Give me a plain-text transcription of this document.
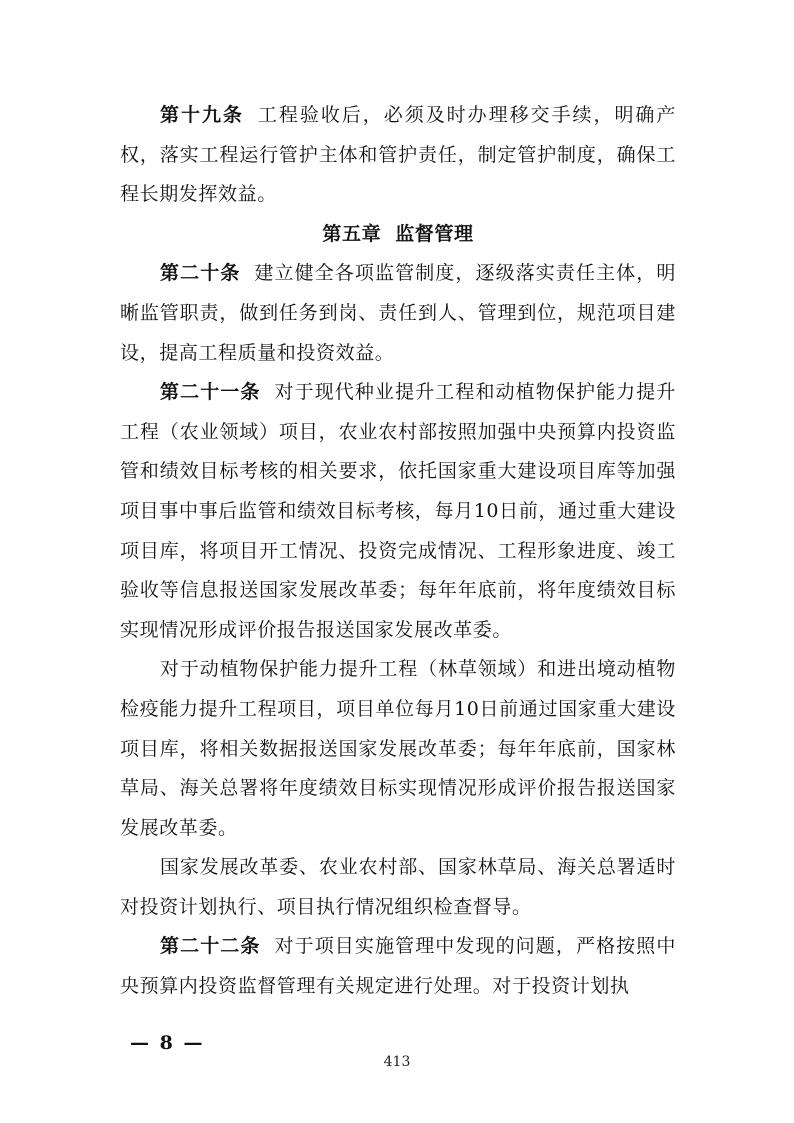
第十九条 工程验收后，必须及时办理移交手续，明确产权，落实工程运行管护主体和管护责任，制定管护制度，确保工程长期发挥效益。

第五章 监督管理

第二十条 建立健全各项监管制度，逐级落实责任主体，明晰监管职责，做到任务到岗、责任到人、管理到位，规范项目建设，提高工程质量和投资效益。

第二十一条 对于现代种业提升工程和动植物保护能力提升工程（农业领域）项目，农业农村部按照加强中央预算内投资监管和绩效目标考核的相关要求，依托国家重大建设项目库等加强项目事中事后监管和绩效目标考核，每月10日前，通过重大建设项目库，将项目开工情况、投资完成情况、工程形象进度、竣工验收等信息报送国家发展改革委；每年年底前，将年度绩效目标实现情况形成评价报告报送国家发展改革委。

对于动植物保护能力提升工程（林草领域）和进出境动植物检疫能力提升工程项目，项目单位每月10日前通过国家重大建设项目库，将相关数据报送国家发展改革委；每年年底前，国家林草局、海关总署将年度绩效目标实现情况形成评价报告报送国家发展改革委。

国家发展改革委、农业农村部、国家林草局、海关总署适时对投资计划执行、项目执行情况组织检查督导。

第二十二条 对于项目实施管理中发现的问题，严格按照中央预算内投资监督管理有关规定进行处理。对于投资计划执

— 8 —
413
